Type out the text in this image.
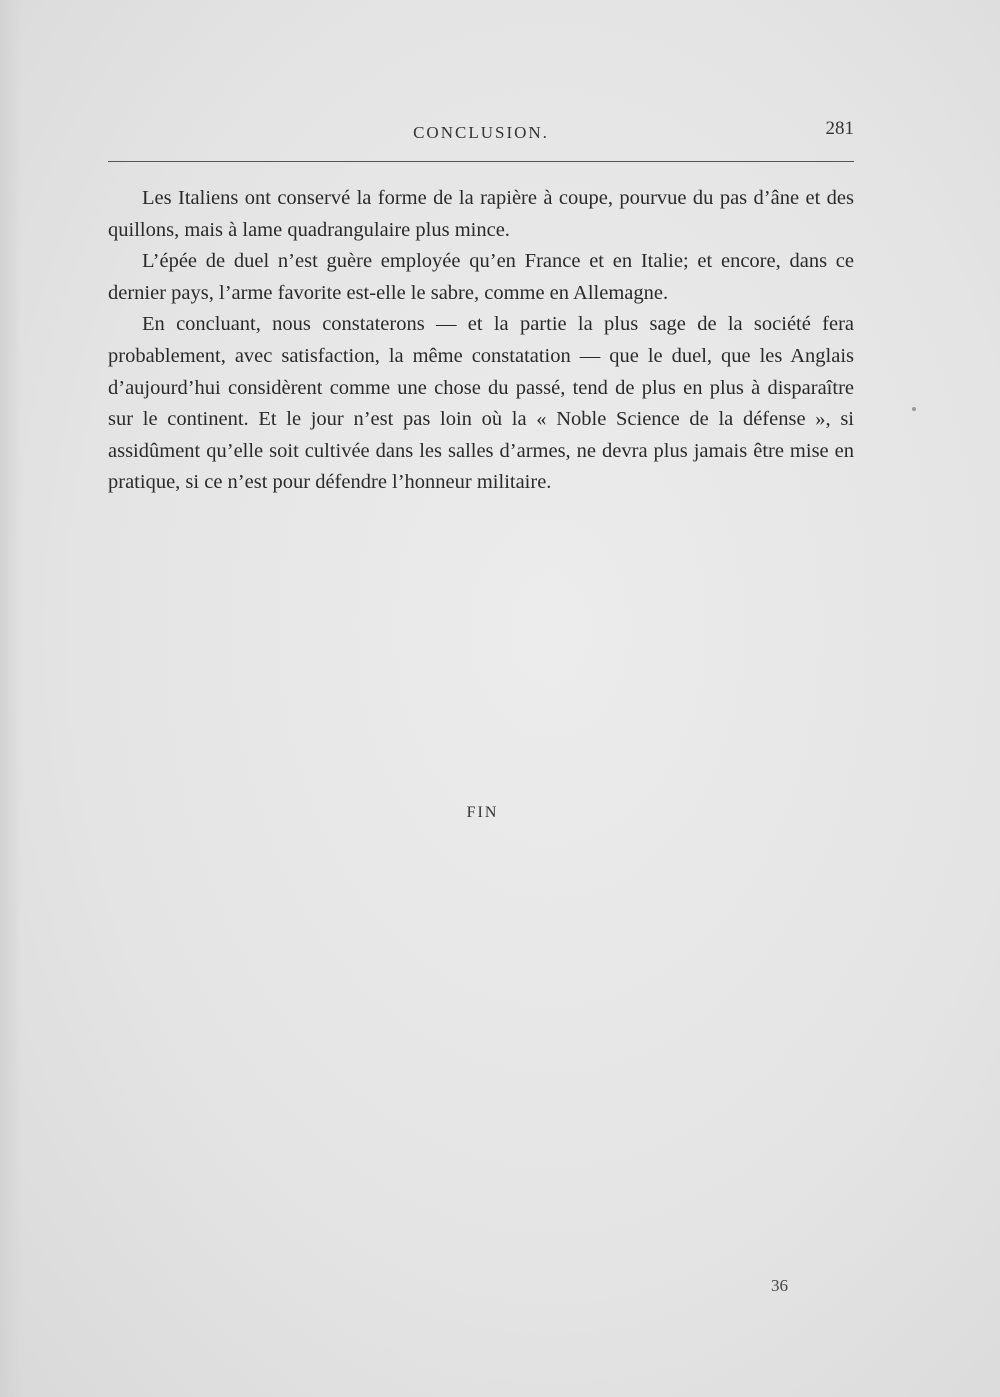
CONCLUSION.	281

Les Italiens ont conservé la forme de la rapière à coupe, pourvue du pas d’âne et des quillons, mais à lame quadrangulaire plus mince.

L’épée de duel n’est guère employée qu’en France et en Italie; et encore, dans ce dernier pays, l’arme favorite est-elle le sabre, comme en Allemagne.

En concluant, nous constaterons — et la partie la plus sage de la société fera probablement, avec satisfaction, la même constatation — que le duel, que les Anglais d’aujourd’hui considèrent comme une chose du passé, tend de plus en plus à disparaître sur le continent. Et le jour n’est pas loin où la « Noble Science de la défense », si assidûment qu’elle soit cultivée dans les salles d’armes, ne devra plus jamais être mise en pratique, si ce n’est pour défendre l’honneur militaire.

FIN
36
